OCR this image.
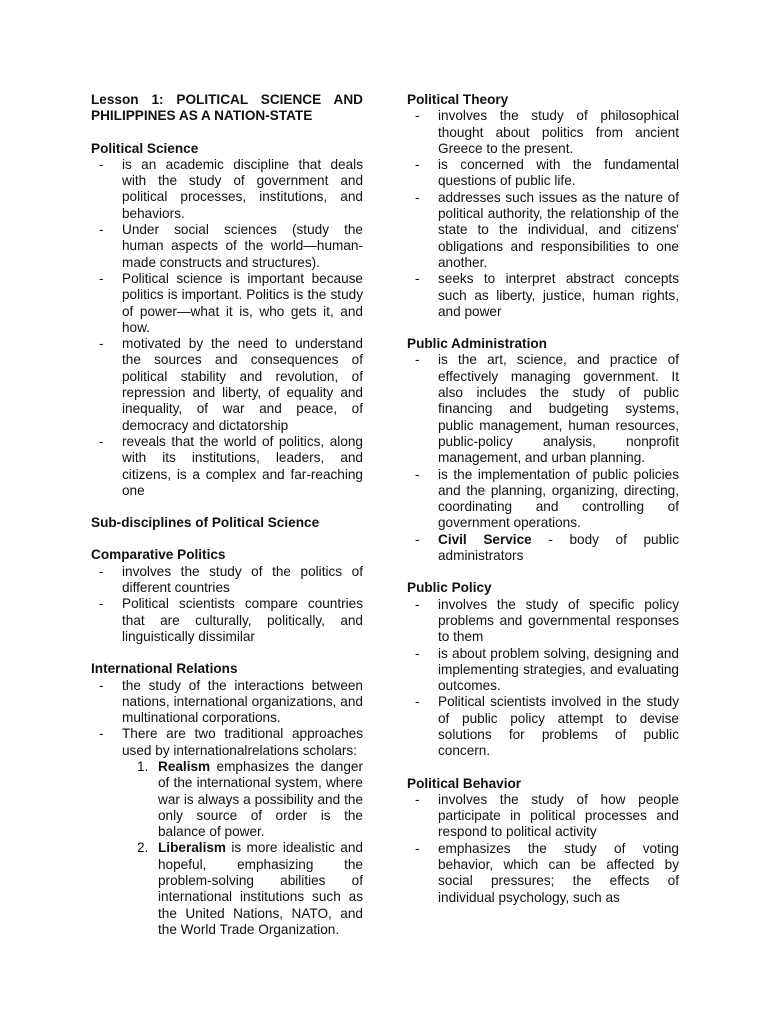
Lesson 1: POLITICAL SCIENCE AND PHILIPPINES AS A NATION-STATE
Political Science
- is an academic discipline that deals with the study of government and political processes, institutions, and behaviors.
- Under social sciences (study the human aspects of the world—human-made constructs and structures).
- Political science is important because politics is important. Politics is the study of power—what it is, who gets it, and how.
- motivated by the need to understand the sources and consequences of political stability and revolution, of repression and liberty, of equality and inequality, of war and peace, of democracy and dictatorship
- reveals that the world of politics, along with its institutions, leaders, and citizens, is a complex and far-reaching one
Sub-disciplines of Political Science
Comparative Politics
- involves the study of the politics of different countries
- Political scientists compare countries that are culturally, politically, and linguistically dissimilar
International Relations
- the study of the interactions between nations, international organizations, and multinational corporations.
- There are two traditional approaches used by internationalrelations scholars:
1. Realism emphasizes the danger of the international system, where war is always a possibility and the only source of order is the balance of power.
2. Liberalism is more idealistic and hopeful, emphasizing the problem-solving abilities of international institutions such as the United Nations, NATO, and the World Trade Organization.
Political Theory
- involves the study of philosophical thought about politics from ancient Greece to the present.
- is concerned with the fundamental questions of public life.
- addresses such issues as the nature of political authority, the relationship of the state to the individual, and citizens' obligations and responsibilities to one another.
- seeks to interpret abstract concepts such as liberty, justice, human rights, and power
Public Administration
- is the art, science, and practice of effectively managing government. It also includes the study of public financing and budgeting systems, public management, human resources, public-policy analysis, nonprofit management, and urban planning.
- is the implementation of public policies and the planning, organizing, directing, coordinating and controlling of government operations.
- Civil Service - body of public administrators
Public Policy
- involves the study of specific policy problems and governmental responses to them
- is about problem solving, designing and implementing strategies, and evaluating outcomes.
- Political scientists involved in the study of public policy attempt to devise solutions for problems of public concern.
Political Behavior
- involves the study of how people participate in political processes and respond to political activity
- emphasizes the study of voting behavior, which can be affected by social pressures; the effects of individual psychology, such as
